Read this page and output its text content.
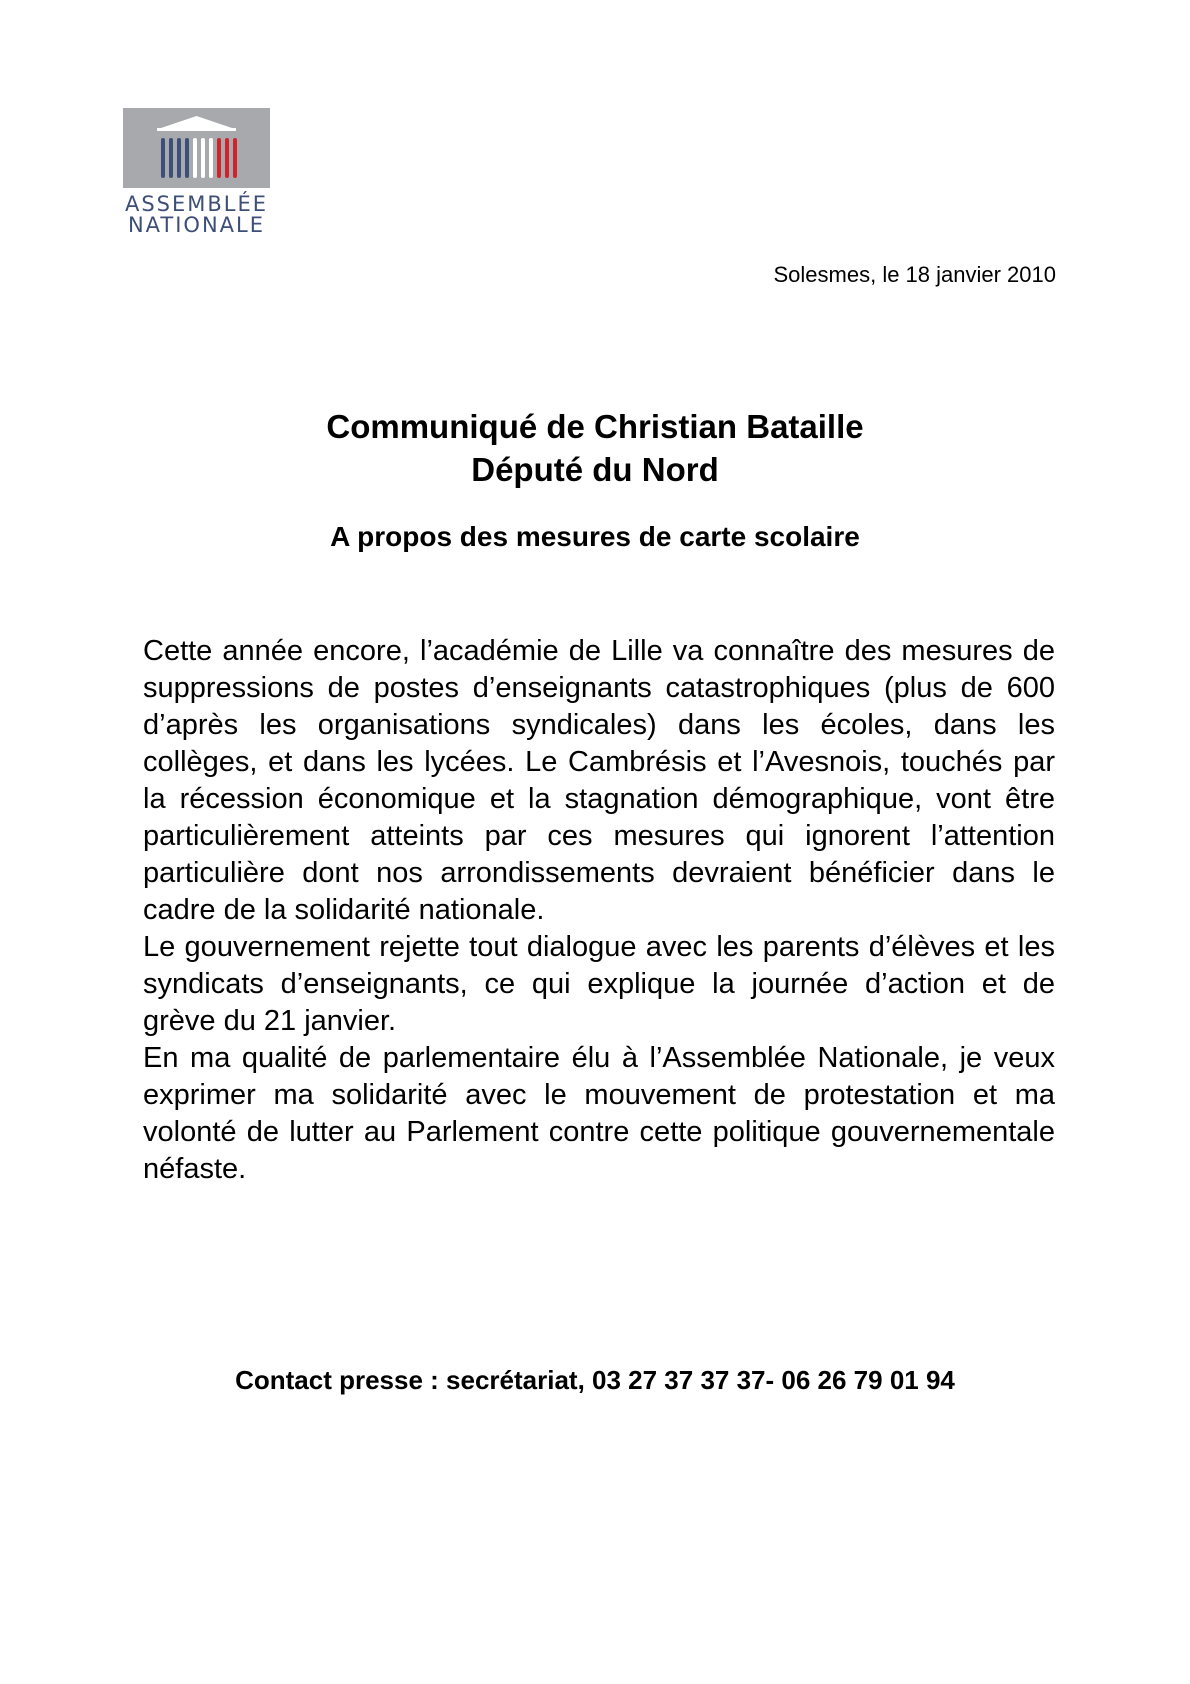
ASSEMBLÉE
NATIONALE
Solesmes, le 18 janvier 2010
Communiqué de Christian Bataille
Député du Nord
A propos des mesures de carte scolaire

Cette année encore, l’académie de Lille va connaître des mesures de suppressions de postes d’enseignants catastrophiques (plus de 600 d’après les organisations syndicales) dans les écoles, dans les collèges, et dans les lycées. Le Cambrésis et l’Avesnois, touchés par la récession économique et la stagnation démographique, vont être particulièrement atteints par ces mesures qui ignorent l’attention particulière dont nos arrondissements devraient bénéficier dans le cadre de la solidarité nationale.

Le gouvernement rejette tout dialogue avec les parents d’élèves et les syndicats d’enseignants, ce qui explique la journée d’action et de grève du 21 janvier.

En ma qualité de parlementaire élu à l’Assemblée Nationale, je veux exprimer ma solidarité avec le mouvement de protestation et ma volonté de lutter au Parlement contre cette politique gouvernementale néfaste.

Contact presse : secrétariat, 03 27 37 37 37- 06 26 79 01 94
